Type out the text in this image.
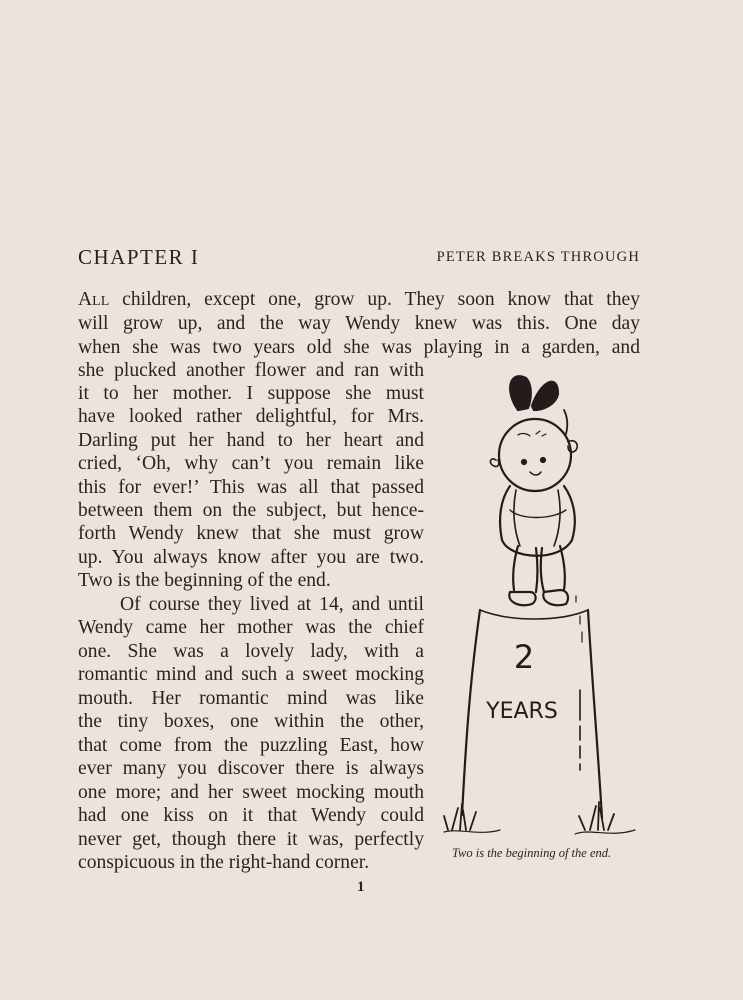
CHAPTER I	PETER BREAKS THROUGH
All children, except one, grow up. They soon know that they
will grow up, and the way Wendy knew was this. One day
when she was two years old she was playing in a garden, and
she plucked another flower and ran with
it to her mother. I suppose she must
have looked rather delightful, for Mrs.
Darling put her hand to her heart and
cried, ‘Oh, why can’t you remain like
this for ever!’ This was all that passed
between them on the subject, but hence-
forth Wendy knew that she must grow
up. You always know after you are two.
Two is the beginning of the end.
Of course they lived at 14, and until
Wendy came her mother was the chief
one. She was a lovely lady, with a
romantic mind and such a sweet mocking
mouth. Her romantic mind was like
the tiny boxes, one within the other,
that come from the puzzling East, how
ever many you discover there is always
one more; and her sweet mocking mouth
had one kiss on it that Wendy could
never get, though there it was, perfectly
conspicuous in the right-hand corner.
2
YEARS
Two is the beginning of the end.
1
